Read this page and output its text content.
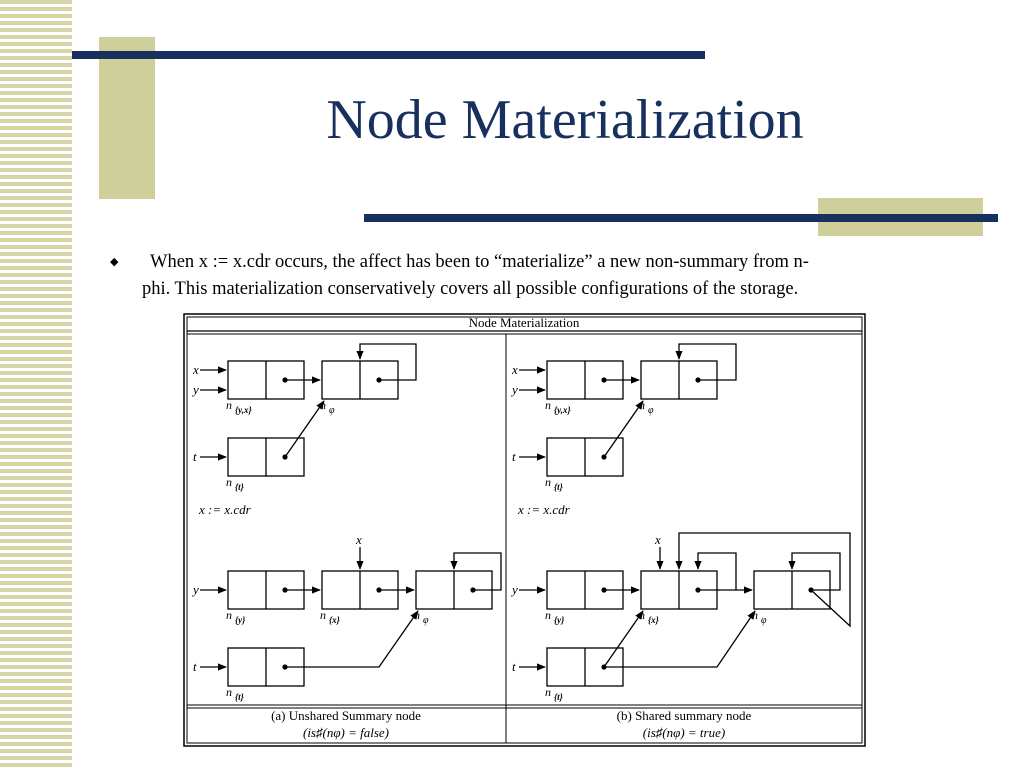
Node Materialization
◆ When x := x.cdr occurs, the affect has been to “materialize” a new non-summary from n-
phi. This materialization conservatively covers all possible configurations of the storage.
Node Materialization
x
y
t
x := x.cdr
x
y
t
n {y,x}	n φ
n {t}
n {y}	n {x}	n φ
n {t}
(a) Unshared Summary node
(is♯(nφ) = false)
x
y
t
x := x.cdr
x
y
t
n {y,x}	n φ
n {t}
n {y}	n {x}	n φ
n {t}
(b) Shared summary node
(is♯(nφ) = true)
